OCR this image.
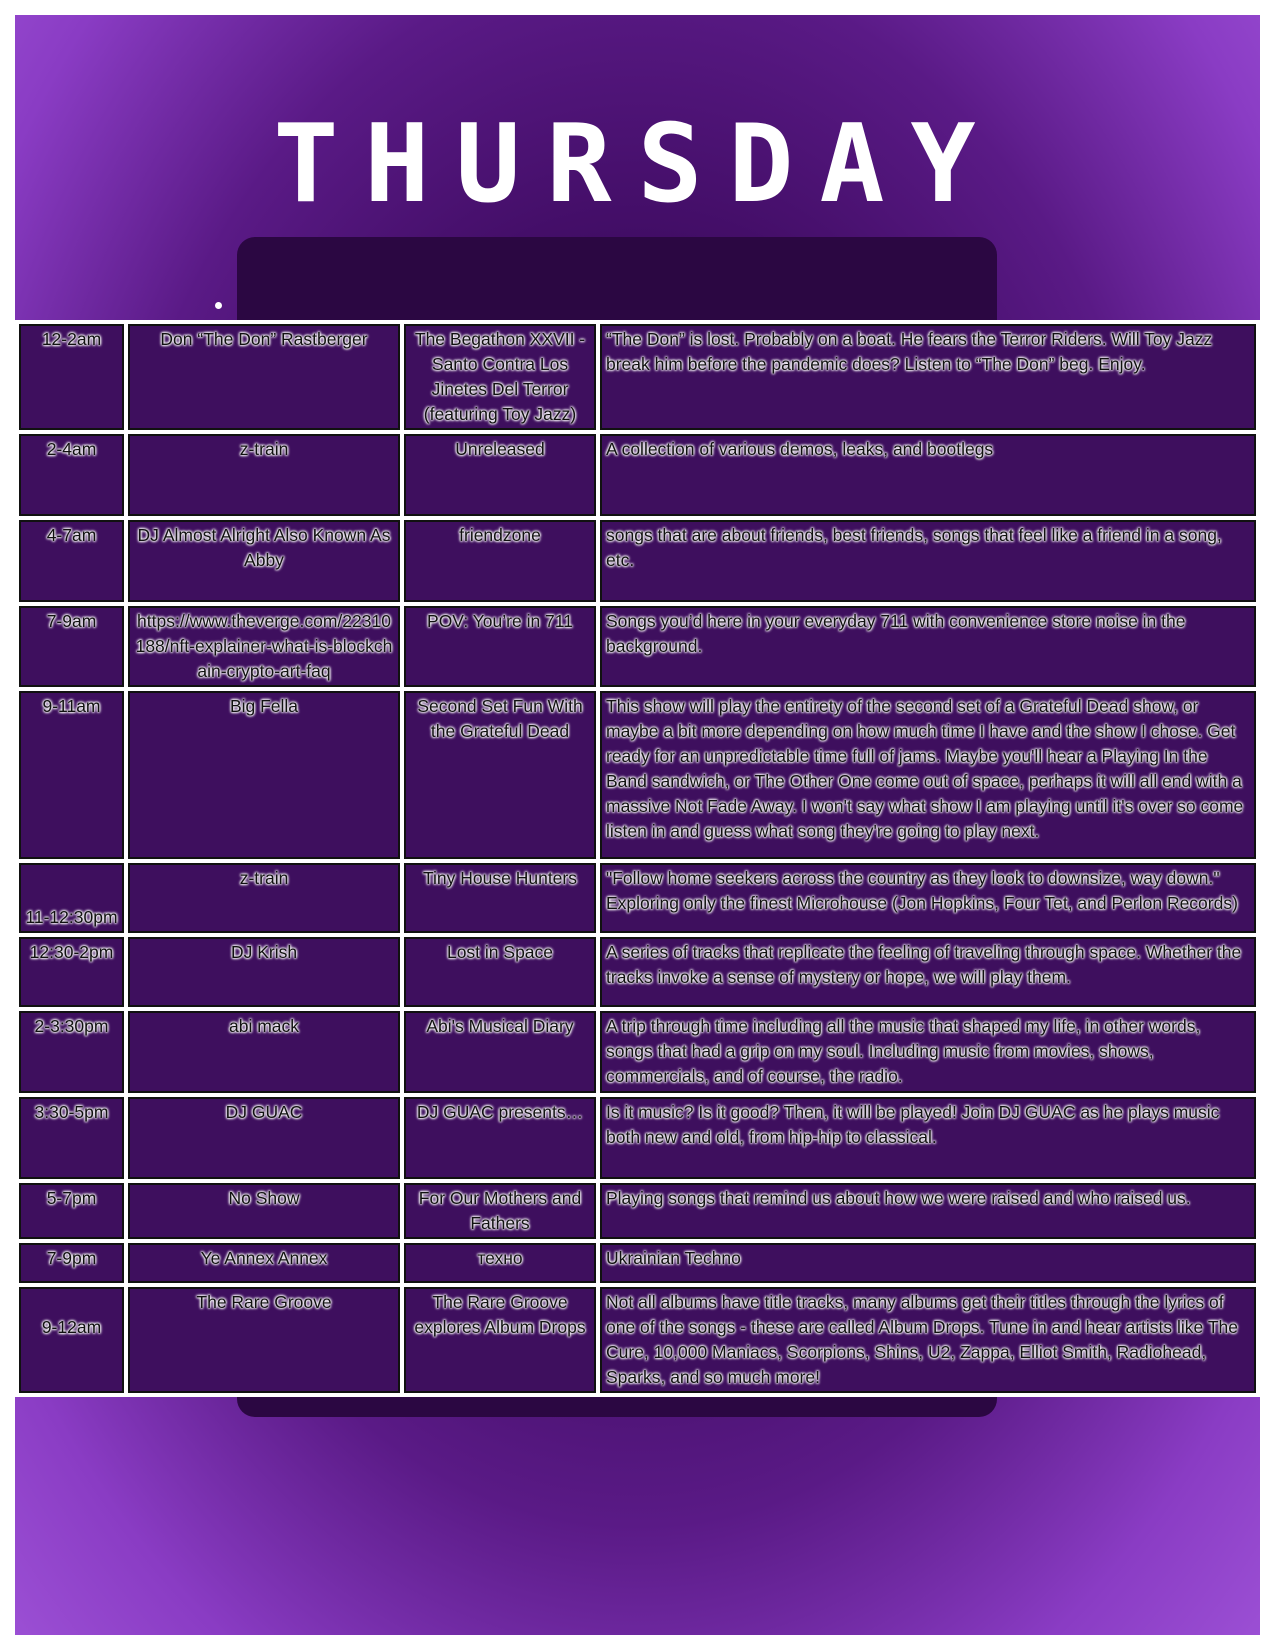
THURSDAY
12-2am	Don “The Don” Rastberger	The Begathon XXVII - Santo Contra Los Jinetes Del Terror (featuring Toy Jazz)	“The Don” is lost. Probably on a boat. He fears the Terror Riders. Will Toy Jazz break him before the pandemic does? Listen to “The Don” beg. Enjoy.
2-4am	z-train	Unreleased	A collection of various demos, leaks, and bootlegs
4-7am	DJ Almost Alright Also Known As Abby	friendzone	songs that are about friends, best friends, songs that feel like a friend in a song, etc.
7-9am	https://www.theverge.com/22310188/nft-explainer-what-is-blockchain-crypto-art-faq	POV: You’re in 711	Songs you’d here in your everyday 711 with convenience store noise in the background.
9-11am	Big Fella	Second Set Fun With the Grateful Dead	This show will play the entirety of the second set of a Grateful Dead show, or maybe a bit more depending on how much time I have and the show I chose. Get ready for an unpredictable time full of jams. Maybe you'll hear a Playing In the Band sandwich, or The Other One come out of space, perhaps it will all end with a massive Not Fade Away. I won't say what show I am playing until it's over so come listen in and guess what song they're going to play next.
11-12:30pm	z-train	Tiny House Hunters	"Follow home seekers across the country as they look to downsize, way down." Exploring only the finest Microhouse (Jon Hopkins, Four Tet, and Perlon Records)
12:30-2pm	DJ Krish	Lost in Space	A series of tracks that replicate the feeling of traveling through space. Whether the tracks invoke a sense of mystery or hope, we will play them.
2-3:30pm	abi mack	Abi's Musical Diary	A trip through time including all the music that shaped my life, in other words, songs that had a grip on my soul. Including music from movies, shows, commercials, and of course, the radio.
3:30-5pm	DJ GUAC	DJ GUAC presents…	Is it music? Is it good? Then, it will be played! Join DJ GUAC as he plays music both new and old, from hip-hip to classical.
5-7pm	No Show	For Our Mothers and Fathers	Playing songs that remind us about how we were raised and who raised us.
7-9pm	Ye Annex Annex	техно	Ukrainian Techno
9-12am	The Rare Groove	The Rare Groove explores Album Drops	Not all albums have title tracks, many albums get their titles through the lyrics of one of the songs - these are called Album Drops. Tune in and hear artists like The Cure, 10,000 Maniacs, Scorpions, Shins, U2, Zappa, Elliot Smith, Radiohead, Sparks, and so much more!
